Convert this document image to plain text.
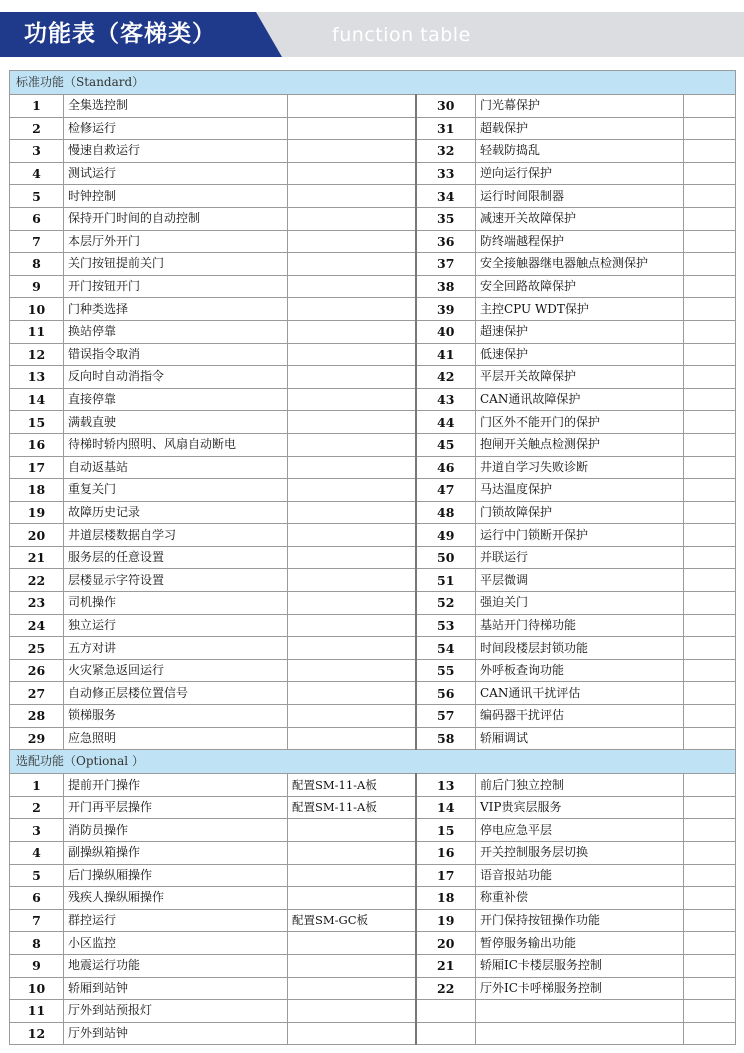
功能表（客梯类）	function table
标准功能（Standard）					
1	全集选控制		30	门光幕保护	
2	检修运行		31	超载保护	
3	慢速自救运行		32	轻载防捣乱	
4	测试运行		33	逆向运行保护	
5	时钟控制		34	运行时间限制器	
6	保持开门时间的自动控制		35	减速开关故障保护	
7	本层厅外开门		36	防终端越程保护	
8	关门按钮提前关门		37	安全接触器继电器触点检测保护	
9	开门按钮开门		38	安全回路故障保护	
10	门种类选择		39	主控CPU WDT保护	
11	换站停靠		40	超速保护	
12	错误指令取消		41	低速保护	
13	反向时自动消指令		42	平层开关故障保护	
14	直接停靠		43	CAN通讯故障保护	
15	满载直驶		44	门区外不能开门的保护	
16	待梯时轿内照明、风扇自动断电		45	抱闸开关触点检测保护	
17	自动返基站		46	井道自学习失败诊断	
18	重复关门		47	马达温度保护	
19	故障历史记录		48	门锁故障保护	
20	井道层楼数据自学习		49	运行中门锁断开保护	
21	服务层的任意设置		50	并联运行	
22	层楼显示字符设置		51	平层微调	
23	司机操作		52	强迫关门	
24	独立运行		53	基站开门待梯功能	
25	五方对讲		54	时间段楼层封锁功能	
26	火灾紧急返回运行		55	外呼板查询功能	
27	自动修正层楼位置信号		56	CAN通讯干扰评估	
28	锁梯服务		57	编码器干扰评估	
29	应急照明		58	轿厢调试	
选配功能（Optional ）					
1	提前开门操作	配置SM-11-A板	13	前后门独立控制	
2	开门再平层操作	配置SM-11-A板	14	VIP贵宾层服务	
3	消防员操作		15	停电应急平层	
4	副操纵箱操作		16	开关控制服务层切换	
5	后门操纵厢操作		17	语音报站功能	
6	残疾人操纵厢操作		18	称重补偿	
7	群控运行	配置SM-GC板	19	开门保持按钮操作功能	
8	小区监控		20	暂停服务输出功能	
9	地震运行功能		21	轿厢IC卡楼层服务控制	
10	轿厢到站钟		22	厅外IC卡呼梯服务控制	
11	厅外到站预报灯				
12	厅外到站钟				
